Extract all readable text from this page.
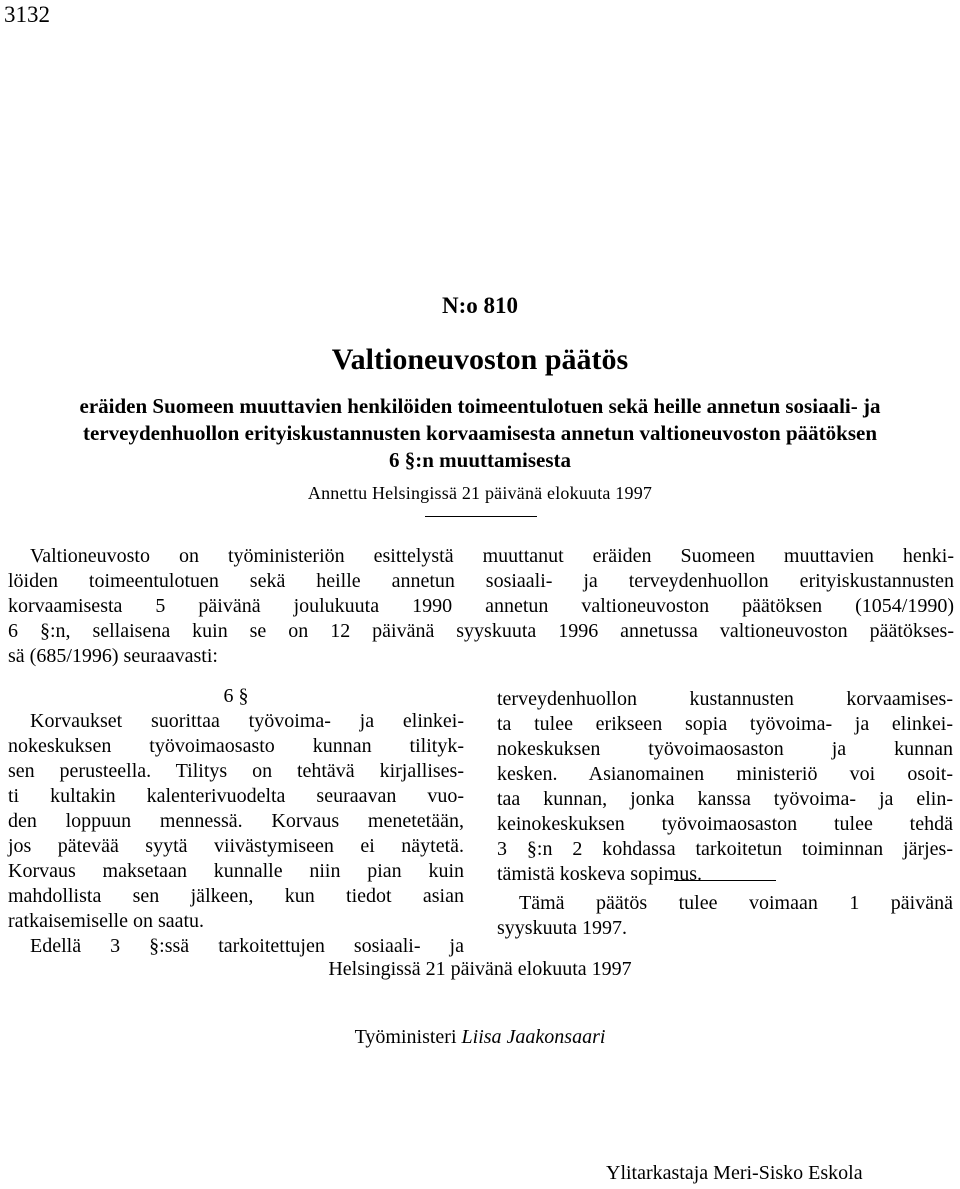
3132
N:o 810
Valtioneuvoston päätös
eräiden Suomeen muuttavien henkilöiden toimeentulotuen sekä heille annetun sosiaali- ja
terveydenhuollon erityiskustannusten korvaamisesta annetun valtioneuvoston päätöksen
6 §:n muuttamisesta
Annettu Helsingissä 21 päivänä elokuuta 1997
Valtioneuvosto on työministeriön esittelystä muuttanut eräiden Suomeen muuttavien henki-
löiden toimeentulotuen sekä heille annetun sosiaali- ja terveydenhuollon erityiskustannusten
korvaamisesta 5 päivänä joulukuuta 1990 annetun valtioneuvoston päätöksen (1054/1990)
6 §:n, sellaisena kuin se on 12 päivänä syyskuuta 1996 annetussa valtioneuvoston päätökses-
sä (685/1996) seuraavasti:
6 §
Korvaukset suorittaa työvoima- ja elinkei-
nokeskuksen työvoimaosasto kunnan tilityk-
sen perusteella. Tilitys on tehtävä kirjallises-
ti kultakin kalenterivuodelta seuraavan vuo-
den loppuun mennessä. Korvaus menetetään,
jos pätevää syytä viivästymiseen ei näytetä.
Korvaus maksetaan kunnalle niin pian kuin
mahdollista sen jälkeen, kun tiedot asian
ratkaisemiselle on saatu.
Edellä 3 §:ssä tarkoitettujen sosiaali- ja
terveydenhuollon kustannusten korvaamises-
ta tulee erikseen sopia työvoima- ja elinkei-
nokeskuksen työvoimaosaston ja kunnan
kesken. Asianomainen ministeriö voi osoit-
taa kunnan, jonka kanssa työvoima- ja elin-
keinokeskuksen työvoimaosaston tulee tehdä
3 §:n 2 kohdassa tarkoitetun toiminnan järjes-
tämistä koskeva sopimus.
Tämä päätös tulee voimaan 1 päivänä
syyskuuta 1997.
Helsingissä 21 päivänä elokuuta 1997
Työministeri Liisa Jaakonsaari
Ylitarkastaja Meri-Sisko Eskola
